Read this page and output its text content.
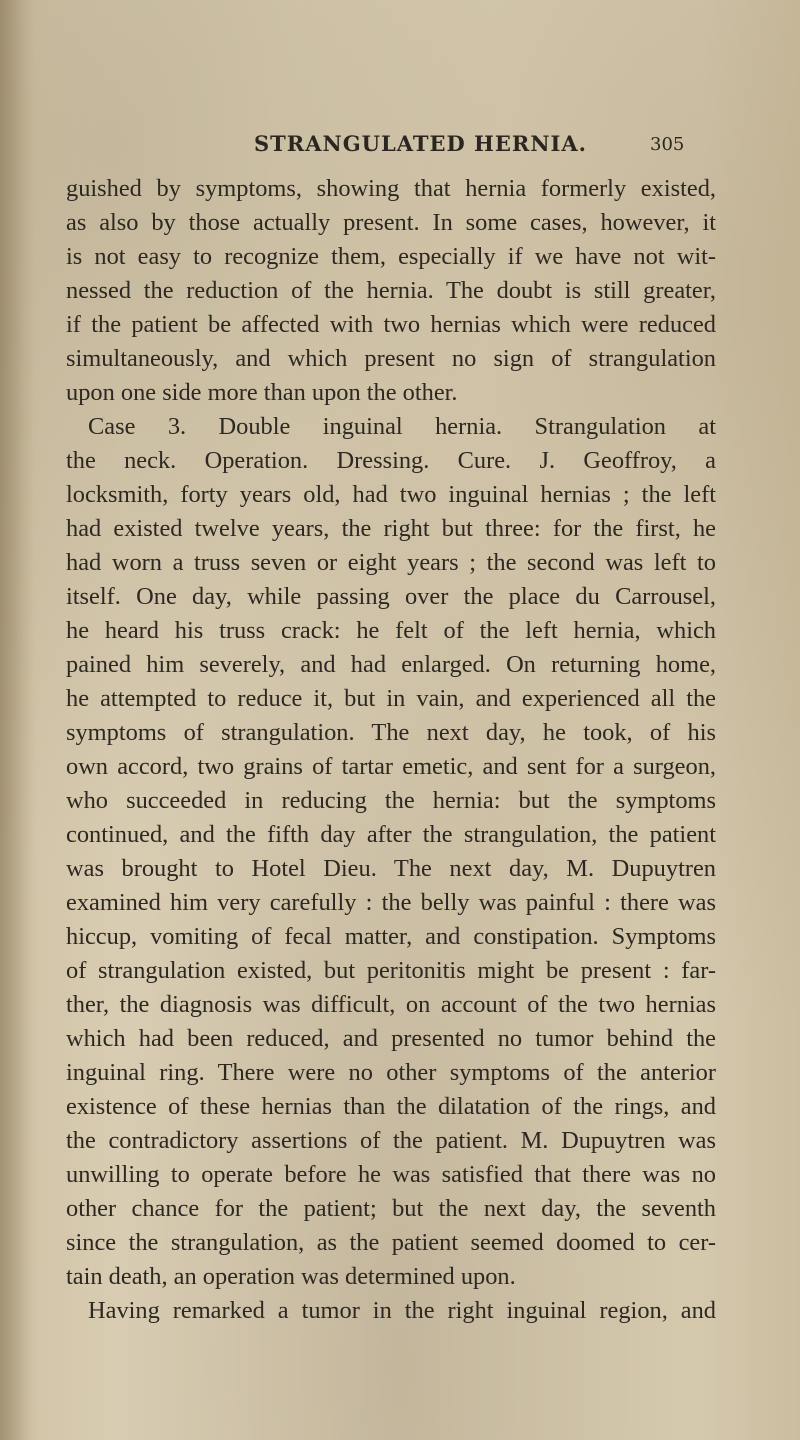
STRANGULATED HERNIA.	305
guished by symptoms, showing that hernia formerly existed,
as also by those actually present. In some cases, however, it
is not easy to recognize them, especially if we have not wit-
nessed the reduction of the hernia. The doubt is still greater,
if the patient be affected with two hernias which were reduced
simultaneously, and which present no sign of strangulation
upon one side more than upon the other.
Case 3. Double inguinal hernia. Strangulation at
the neck. Operation. Dressing. Cure. J. Geoffroy, a
locksmith, forty years old, had two inguinal hernias ; the left
had existed twelve years, the right but three: for the first, he
had worn a truss seven or eight years ; the second was left to
itself. One day, while passing over the place du Carrousel,
he heard his truss crack: he felt of the left hernia, which
pained him severely, and had enlarged. On returning home,
he attempted to reduce it, but in vain, and experienced all the
symptoms of strangulation. The next day, he took, of his
own accord, two grains of tartar emetic, and sent for a surgeon,
who succeeded in reducing the hernia: but the symptoms
continued, and the fifth day after the strangulation, the patient
was brought to Hotel Dieu. The next day, M. Dupuytren
examined him very carefully : the belly was painful : there was
hiccup, vomiting of fecal matter, and constipation. Symptoms
of strangulation existed, but peritonitis might be present : far-
ther, the diagnosis was difficult, on account of the two hernias
which had been reduced, and presented no tumor behind the
inguinal ring. There were no other symptoms of the anterior
existence of these hernias than the dilatation of the rings, and
the contradictory assertions of the patient. M. Dupuytren was
unwilling to operate before he was satisfied that there was no
other chance for the patient; but the next day, the seventh
since the strangulation, as the patient seemed doomed to cer-
tain death, an operation was determined upon.
Having remarked a tumor in the right inguinal region, and
